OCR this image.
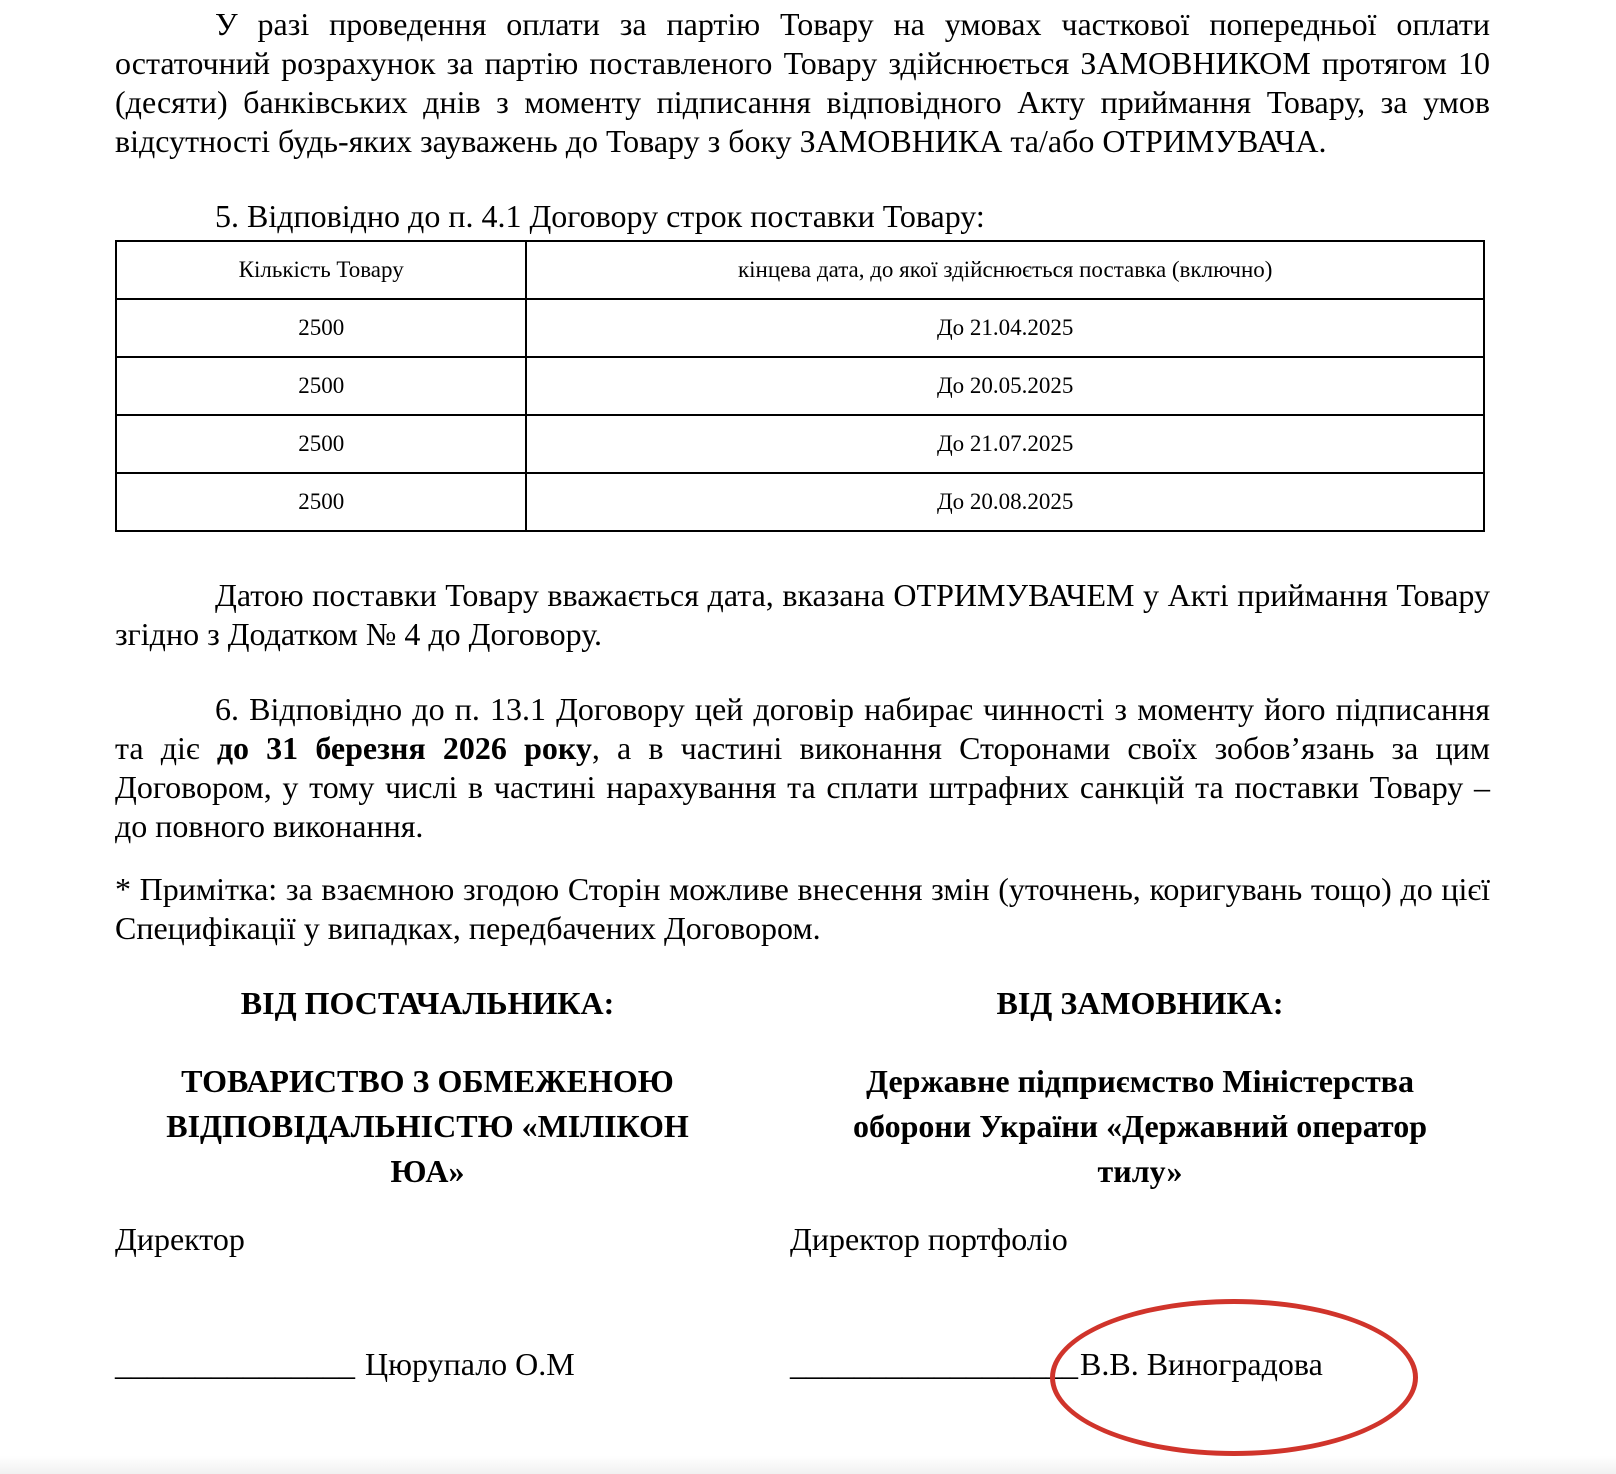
У разі проведення оплати за партію Товару на умовах часткової попередньої оплати остаточний розрахунок за партію поставленого Товару здійснюється ЗАМОВНИКОМ протягом 10 (десяти) банківських днів з моменту підписання відповідного Акту приймання Товару, за умов відсутності будь-яких зауважень до Товару з боку ЗАМОВНИКА та/або ОТРИМУВАЧА.

5. Відповідно до п. 4.1 Договору строк поставки Товару:

Кількість Товару	кінцева дата, до якої здійснюється поставка (включно)
2500	До 21.04.2025
2500	До 20.05.2025
2500	До 21.07.2025
2500	До 20.08.2025

Датою поставки Товару вважається дата, вказана ОТРИМУВАЧЕМ у Акті приймання Товару згідно з Додатком № 4 до Договору.

6. Відповідно до п. 13.1 Договору цей договір набирає чинності з моменту його підписання та діє до 31 березня 2026 року, а в частині виконання Сторонами своїх зобов’язань за цим Договором, у тому числі в частині нарахування та сплати штрафних санкцій та поставки Товару – до повного виконання.

* Примітка: за взаємною згодою Сторін можливе внесення змін (уточнень, коригувань тощо) до цієї Специфікації у випадках, передбачених Договором.

ВІД ПОСТАЧАЛЬНИКА:
ТОВАРИСТВО З ОБМЕЖЕНОЮ ВІДПОВІДАЛЬНІСТЮ «МІЛІКОН ЮА»
Директор
_______________ Цюрупало О.М
ВІД ЗАМОВНИКА:
Державне підприємство Міністерства оборони України «Державний оператор тилу»
Директор портфоліо
__________________В.В. Виноградова
